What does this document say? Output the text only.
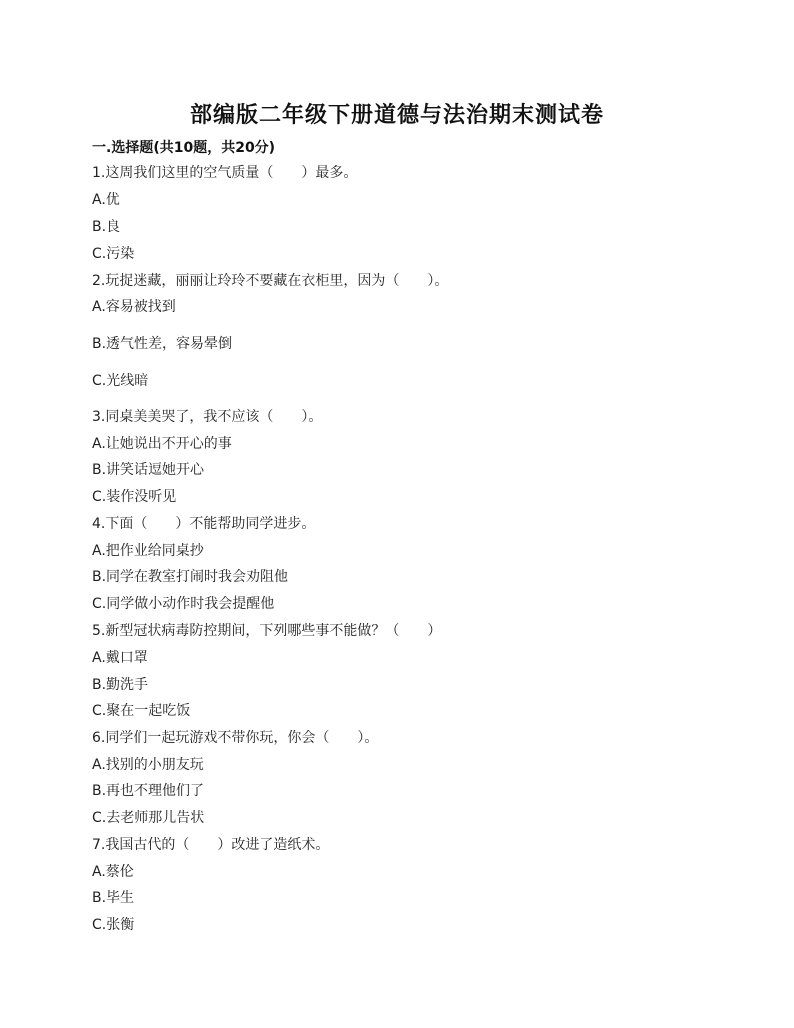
部编版二年级下册道德与法治期末测试卷
一.选择题(共10题，共20分)
1.这周我们这里的空气质量（　　）最多。
A.优
B.良
C.污染
2.玩捉迷藏，丽丽让玲玲不要藏在衣柜里，因为（　　）。
A.容易被找到
B.透气性差，容易晕倒
C.光线暗
3.同桌美美哭了，我不应该（　　）。
A.让她说出不开心的事
B.讲笑话逗她开心
C.装作没听见
4.下面（　　）不能帮助同学进步。
A.把作业给同桌抄
B.同学在教室打闹时我会劝阻他
C.同学做小动作时我会提醒他
5.新型冠状病毒防控期间，下列哪些事不能做？（　　）
A.戴口罩
B.勤洗手
C.聚在一起吃饭
6.同学们一起玩游戏不带你玩，你会（　　）。
A.找别的小朋友玩
B.再也不理他们了
C.去老师那儿告状
7.我国古代的（　　）改进了造纸术。
A.蔡伦
B.毕生
C.张衡
